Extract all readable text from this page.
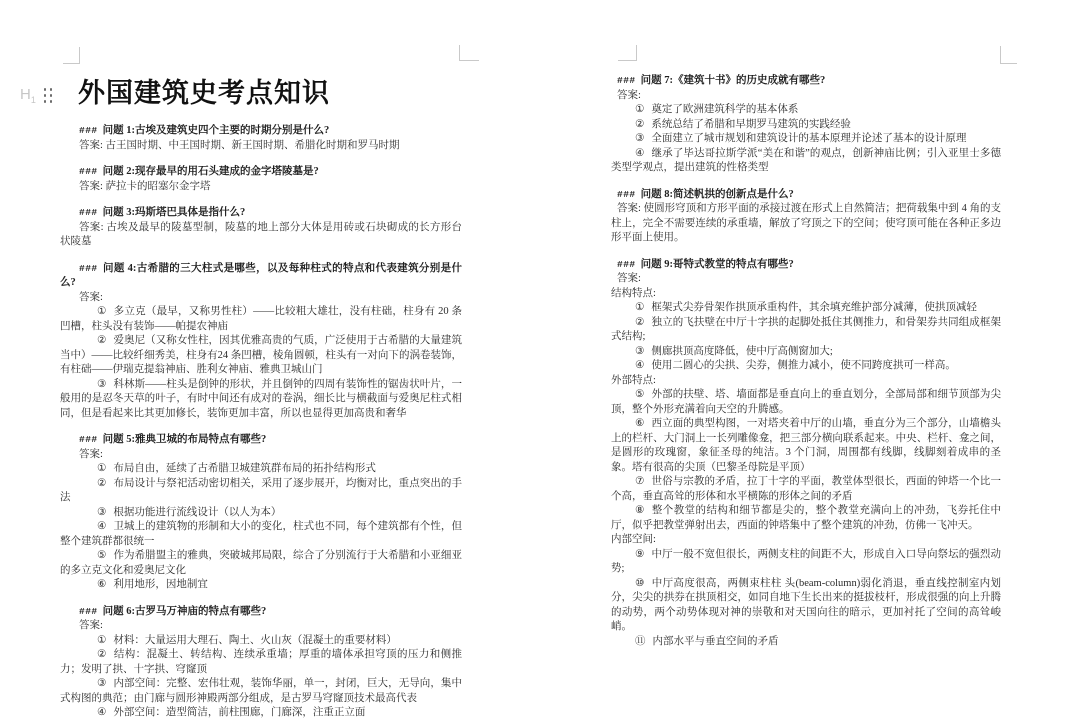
$H_1$	外国建筑史考点知识

### 问题 1:古埃及建筑史四个主要的时期分别是什么?

答案: 古王国时期、中王国时期、新王国时期、希腊化时期和罗马时期

### 问题 2:现存最早的用石头建成的金字塔陵墓是?

答案: 萨拉卡的昭塞尔金字塔

### 问题 3:玛斯塔巴具体是指什么?

答案: 古埃及最早的陵墓型制，陵墓的地上部分大体是用砖或石块砌成的长方形台状陵墓

### 问题 4:古希腊的三大柱式是哪些，以及每种柱式的特点和代表建筑分别是什么?

答案:

① 多立克（最早，又称男性柱）——比较粗大雄壮，没有柱础，柱身有 20 条凹槽，柱头没有装饰——帕提农神庙

② 爱奥尼（又称女性柱，因其优雅高贵的气质，广泛使用于古希腊的大量建筑当中）——比较纤细秀美，柱身有24 条凹槽，棱角圆顿，柱头有一对向下的涡卷装饰，有柱础——伊瑞克提翁神庙、胜利女神庙、雅典卫城山门

③ 科林斯——柱头是倒钟的形状，并且倒钟的四周有装饰性的锯齿状叶片，一般用的是忍冬天草的叶子，有时中间还有成对的卷涡，细长比与横截面与爱奥尼柱式相同，但是看起来比其更加修长，装饰更加丰富，所以也显得更加高贵和奢华

### 问题 5:雅典卫城的布局特点有哪些?

答案:

① 布局自由，延续了古希腊卫城建筑群布局的拓扑结构形式

② 布局设计与祭祀活动密切相关，采用了逐步展开，均衡对比，重点突出的手法

③ 根据功能进行流线设计（以人为本）

④ 卫城上的建筑物的形制和大小的变化，柱式也不同，每个建筑都有个性，但整个建筑群都很统一

⑤ 作为希腊盟主的雅典，突破城邦局限，综合了分别流行于大希腊和小亚细亚的多立克文化和爱奥尼文化

⑥ 利用地形，因地制宜

### 问题 6:古罗马万神庙的特点有哪些?

答案:

① 材料：大量运用大理石、陶土、火山灰（混凝土的重要材料）

② 结构：混凝土、转结构、连续承重墙；厚重的墙体承担穹顶的压力和侧推力；发明了拱、十字拱、穹窿顶

③ 内部空间：完整、宏伟壮观，装饰华丽，单一，封闭，巨大，无导向，集中式构图的典范；由门廊与圆形神殿两部分组成，是古罗马穹窿顶技术最高代表

④ 外部空间：造型简洁，前柱围廊，门廊深，注重正立面

### 问题 7:《建筑十书》的历史成就有哪些?

答案:

① 奠定了欧洲建筑科学的基本体系

② 系统总结了希腊和早期罗马建筑的实践经验

③ 全面建立了城市规划和建筑设计的基本原理并论述了基本的设计原理

④ 继承了毕达哥拉斯学派“美在和谐”的观点，创新神庙比例；引入亚里士多德类型学观点，提出建筑的性格类型

### 问题 8:简述帆拱的创新点是什么?

答案: 使圆形穹顶和方形平面的承接过渡在形式上自然简洁；把荷载集中到 4 角的支柱上，完全不需要连续的承重墙，解放了穹顶之下的空间；使穹顶可能在各种正多边形平面上使用。

### 问题 9:哥特式教堂的特点有哪些?

答案:

结构特点:

① 框架式尖券骨架作拱顶承重构件，其余填充维护部分减薄，使拱顶减轻

② 独立的飞扶壁在中厅十字拱的起脚处抵住其侧推力，和骨架券共同组成框架式结构;

③ 侧廊拱顶高度降低，使中厅高侧窗加大;

④ 使用二圆心的尖拱、尖券，侧推力减小，使不同跨度拱可一样高。

外部特点:

⑤ 外部的扶壁、塔、墙面都是垂直向上的垂直划分，全部局部和细节顶部为尖顶，整个外形充满着向天空的升腾感。

⑥ 西立面的典型构图，一对塔夹着中厅的山墙，垂直分为三个部分，山墙檐头上的栏杆、大门洞上一长列雕像龛，把三部分横向联系起来。中央、栏杆、龛之间，是圆形的玫瑰窗，象征圣母的纯洁。3 个门洞，周围都有线脚，线脚刻着成串的圣象。塔有很高的尖顶（巴黎圣母院是平顶）

⑦ 世俗与宗教的矛盾，拉丁十字的平面，教堂体型很长，西面的钟塔一个比一个高，垂直高耸的形体和水平横陈的形体之间的矛盾

⑧ 整个教堂的结构和细节都是尖的，整个教堂充满向上的冲劲，飞券托住中厅，似乎把教堂弹射出去，西面的钟塔集中了整个建筑的冲劲，仿佛一飞冲天。

内部空间:

⑨ 中厅一般不宽但很长，两侧支柱的间距不大，形成自入口导向祭坛的强烈动势;

⑩ 中厅高度很高，两侧束柱柱 头(beam-column)弱化消退，垂直线控制室内划分，尖尖的拱券在拱顶相交，如同自地下生长出来的挺拔枝杆，形成很强的向上升腾的动势，两个动势体现对神的崇敬和对天国向往的暗示，更加衬托了空间的高耸峻峭。

⑪ 内部水平与垂直空间的矛盾
